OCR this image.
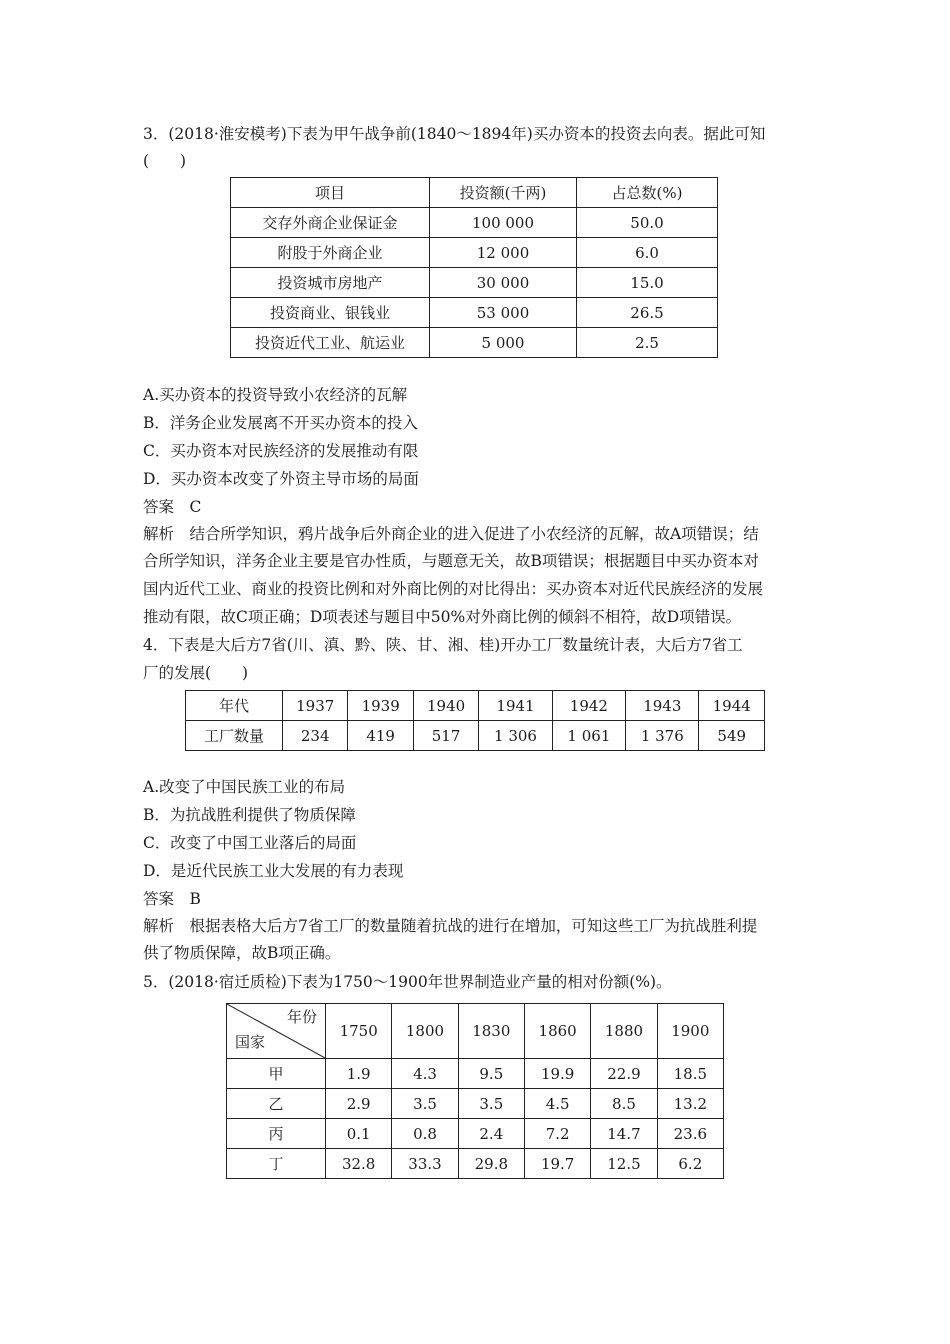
3．(2018·淮安模考)下表为甲午战争前(1840～1894年)买办资本的投资去向表。据此可知
(　　)
项目	投资额(千两)	占总数(%)
交存外商企业保证金	100 000	50.0
附股于外商企业	12 000	6.0
投资城市房地产	30 000	15.0
投资商业、银钱业	53 000	26.5
投资近代工业、航运业	5 000	2.5
A.买办资本的投资导致小农经济的瓦解
B．洋务企业发展离不开买办资本的投入
C．买办资本对民族经济的发展推动有限
D．买办资本改变了外资主导市场的局面
答案　C
解析　结合所学知识，鸦片战争后外商企业的进入促进了小农经济的瓦解，故A项错误；结
合所学知识，洋务企业主要是官办性质，与题意无关，故B项错误；根据题目中买办资本对
国内近代工业、商业的投资比例和对外商比例的对比得出：买办资本对近代民族经济的发展
推动有限，故C项正确；D项表述与题目中50%对外商比例的倾斜不相符，故D项错误。
4．下表是大后方7省(川、滇、黔、陕、甘、湘、桂)开办工厂数量统计表，大后方7省工
厂的发展(　　)
年代	1937	1939	1940	1941	1942	1943	1944
工厂数量	234	419	517	1 306	1 061	1 376	549
A.改变了中国民族工业的布局
B．为抗战胜利提供了物质保障
C．改变了中国工业落后的局面
D．是近代民族工业大发展的有力表现
答案　B
解析　根据表格大后方7省工厂的数量随着抗战的进行在增加，可知这些工厂为抗战胜利提
供了物质保障，故B项正确。
5．(2018·宿迁质检)下表为1750～1900年世界制造业产量的相对份额(%)。
年份
国家	1750	1800	1830	1860	1880	1900
甲	1.9	4.3	9.5	19.9	22.9	18.5
乙	2.9	3.5	3.5	4.5	8.5	13.2
丙	0.1	0.8	2.4	7.2	14.7	23.6
丁	32.8	33.3	29.8	19.7	12.5	6.2
